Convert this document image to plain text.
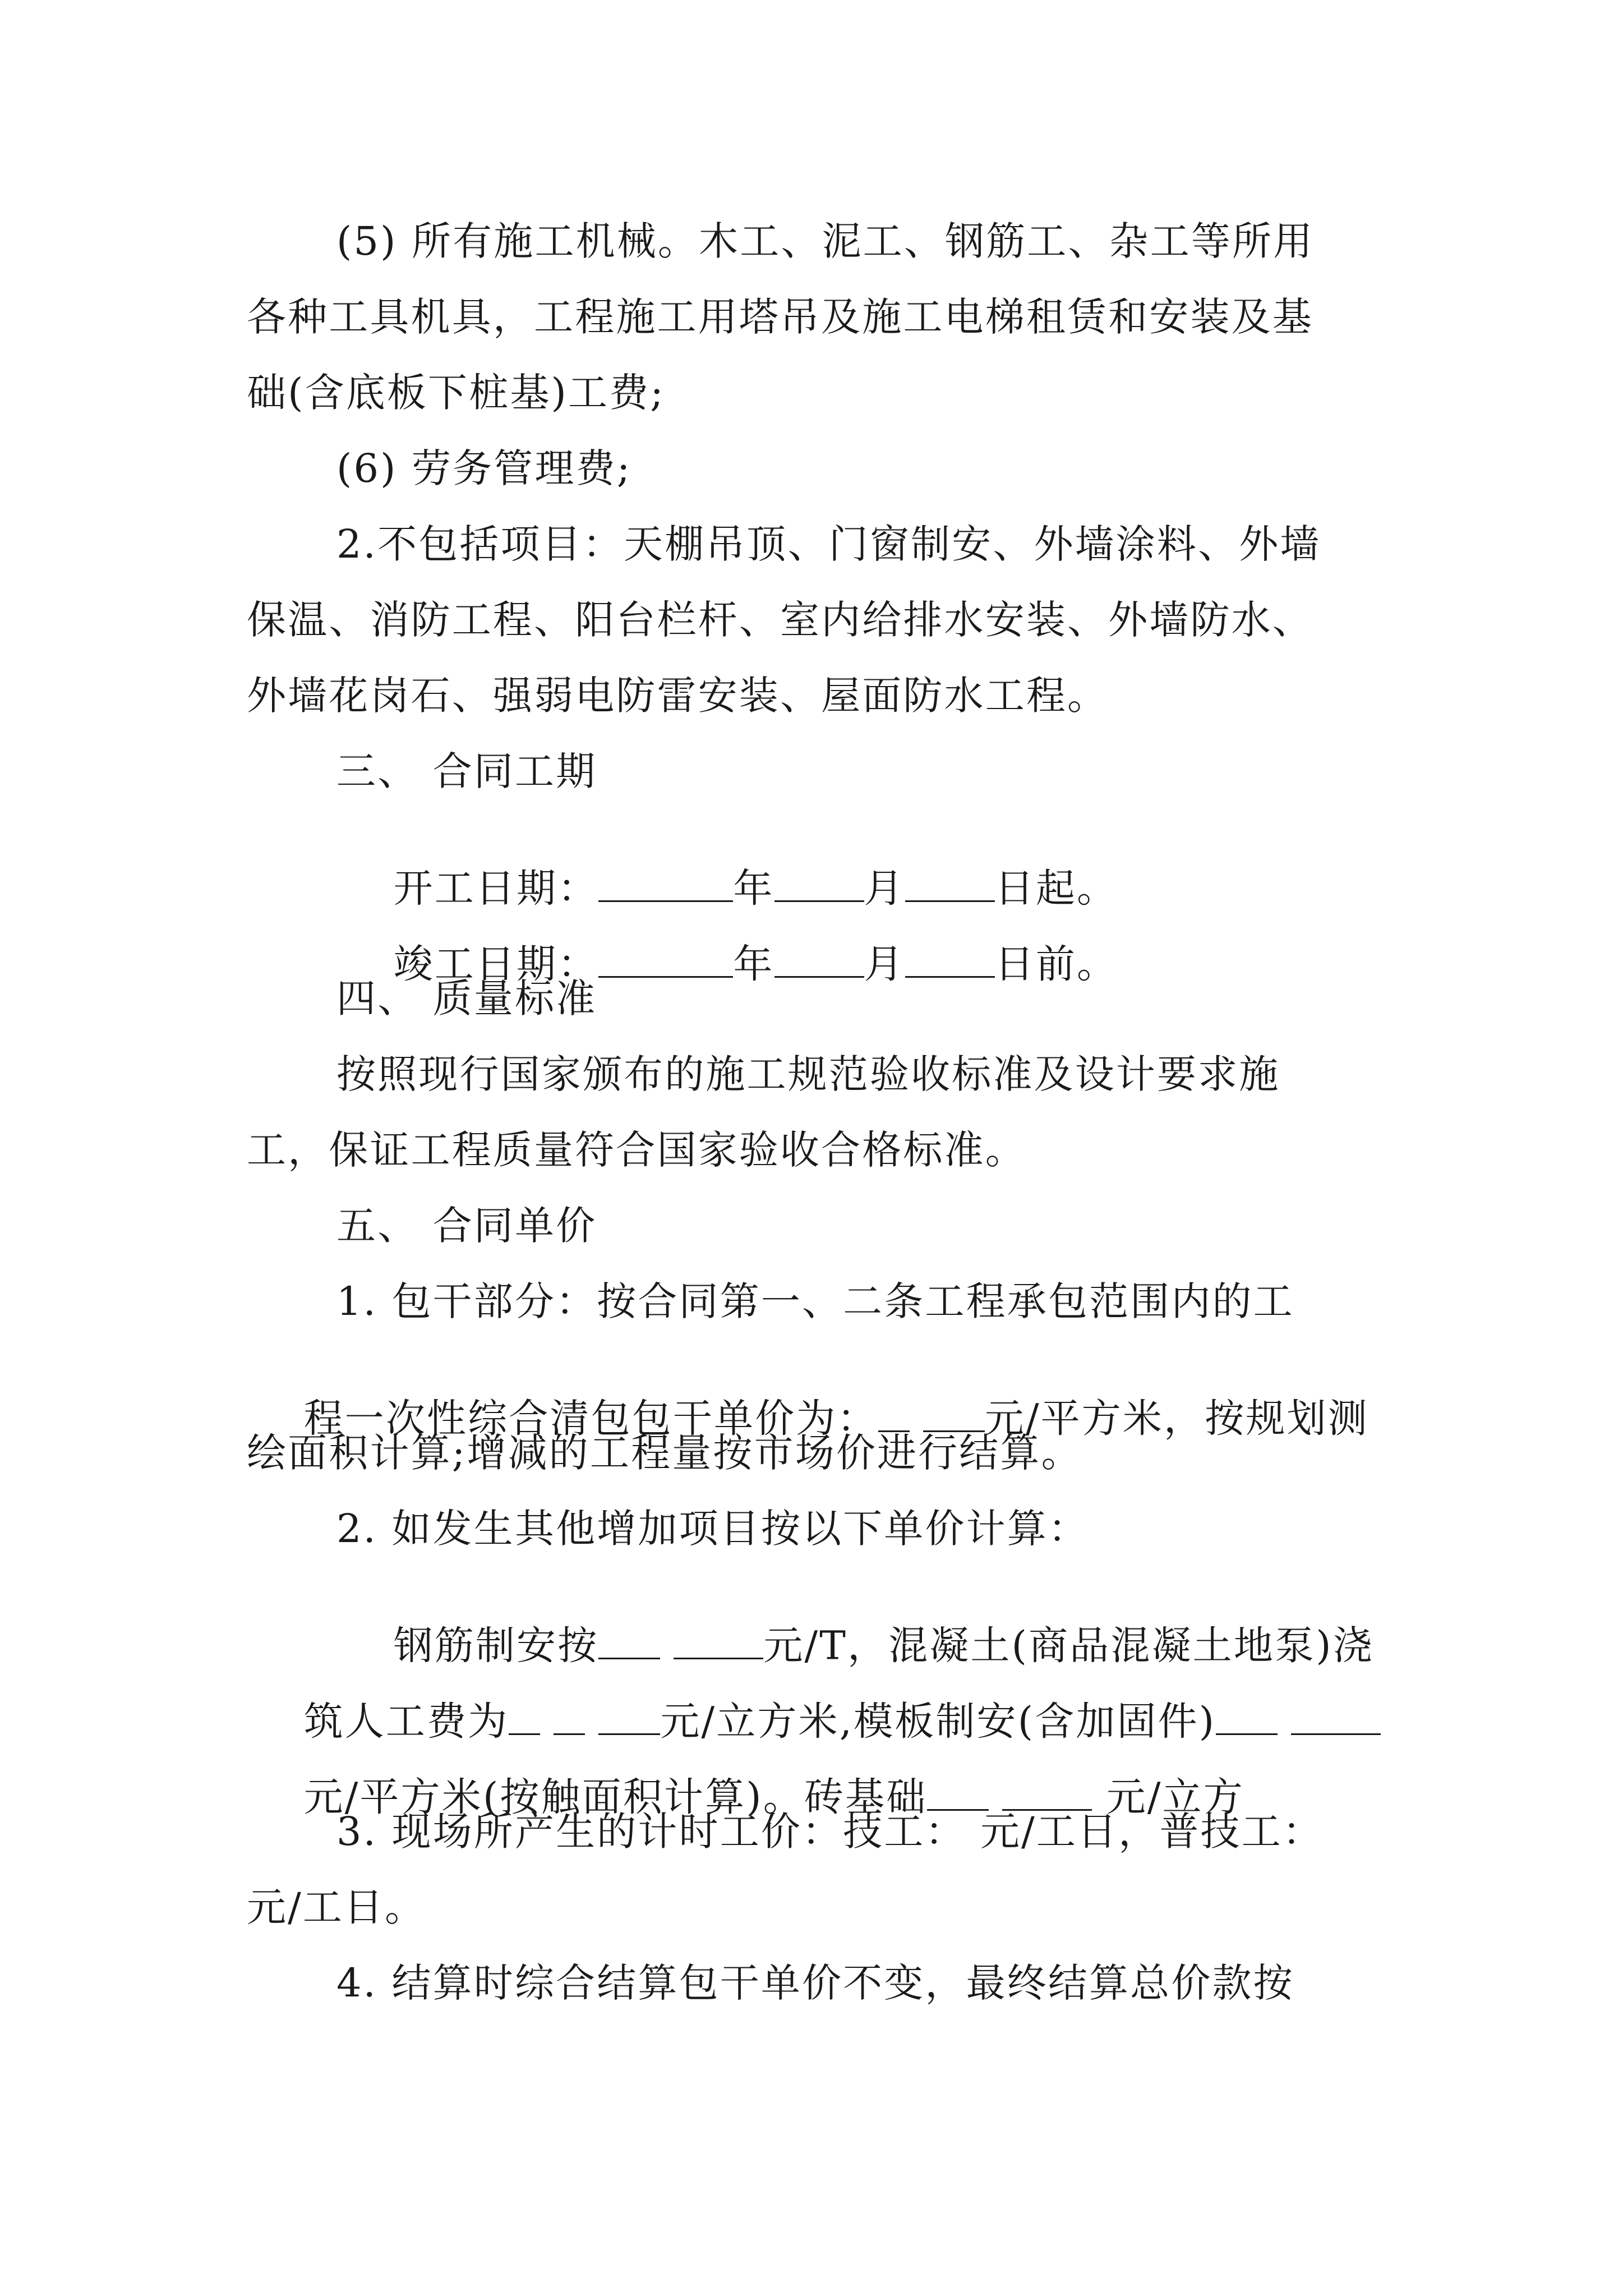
(5) 所有施工机械。木工、泥工、钢筋工、杂工等所用
各种工具机具，工程施工用塔吊及施工电梯租赁和安装及基
础(含底板下桩基)工费;
(6) 劳务管理费;
2.不包括项目：天棚吊顶、门窗制安、外墙涂料、外墙
保温、消防工程、阳台栏杆、室内给排水安装、外墙防水、
外墙花岗石、强弱电防雷安装、屋面防水工程。
三、 合同工期

开工日期：	年 月 日起。

竣工日期：	年 月 日前。

四、 质量标准
按照现行国家颁布的施工规范验收标准及设计要求施
工，保证工程质量符合国家验收合格标准。
五、 合同单价
1. 包干部分：按合同第一、二条工程承包范围内的工

程一次性综合清包包干单价为：	元/平方米，按规划测

绘面积计算;增减的工程量按市场价进行结算。
2. 如发生其他增加项目按以下单价计算：

钢筋制安按	元/T，混凝土(商品混凝土地泵)浇

筑人工费为	元/立方米,模板制安(含加固件)

元/平方米(按触面积计算)。砖基础	元/立方

3. 现场所产生的计时工价：技工： 元/工日，普技工：
元/工日。
4. 结算时综合结算包干单价不变，最终结算总价款按
